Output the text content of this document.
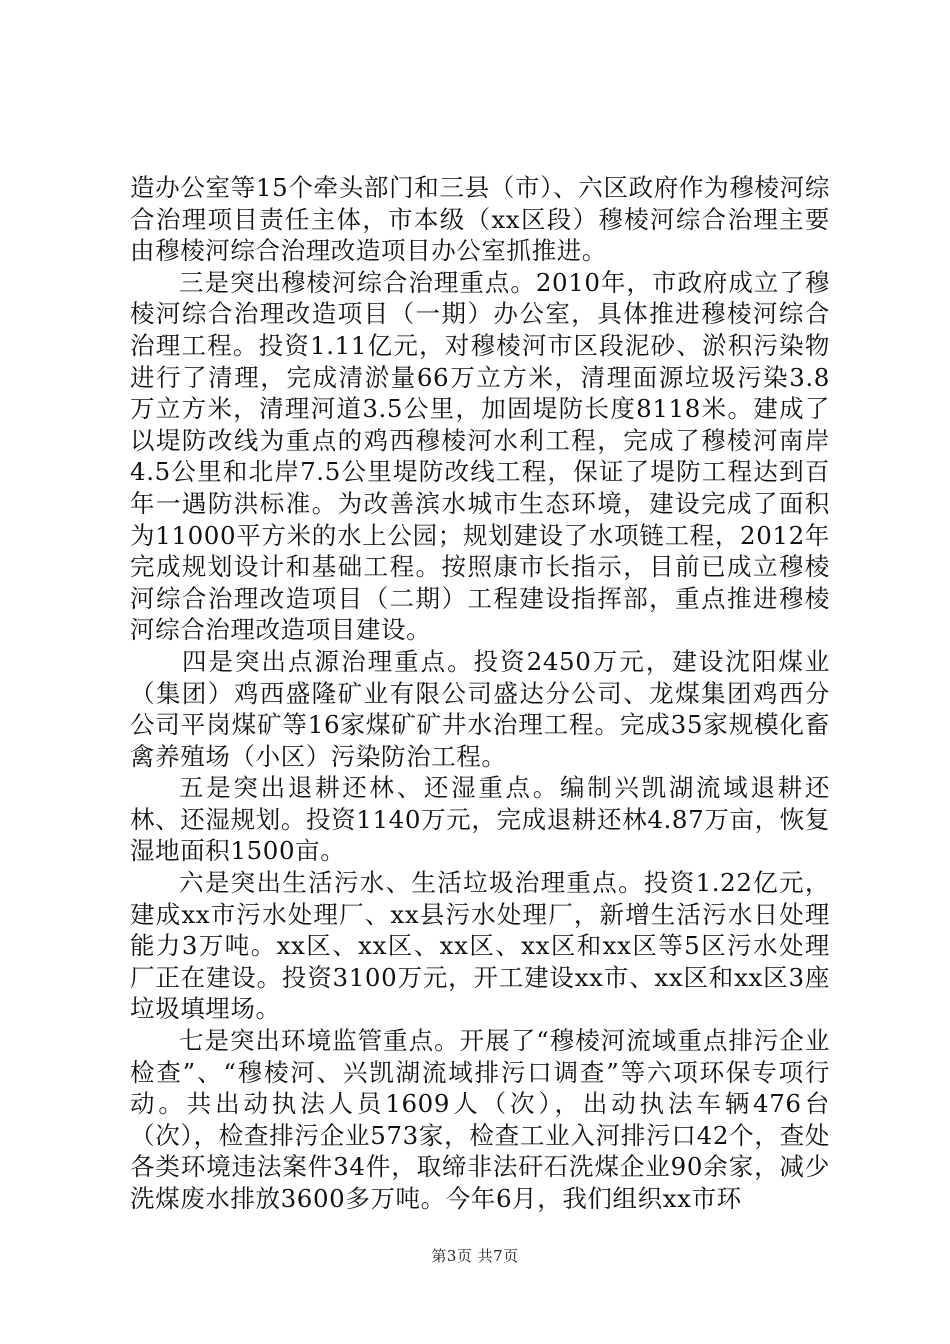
造办公室等15个牵头部门和三县（市）、六区政府作为穆棱河综合治理项目责任主体，市本级（xx区段）穆棱河综合治理主要由穆棱河综合治理改造项目办公室抓推进。

三是突出穆棱河综合治理重点。2010年，市政府成立了穆棱河综合治理改造项目（一期）办公室，具体推进穆棱河综合治理工程。投资1.11亿元，对穆棱河市区段泥砂、淤积污染物进行了清理，完成清淤量66万立方米，清理面源垃圾污染3.8万立方米，清理河道3.5公里，加固堤防长度8118米。建成了以堤防改线为重点的鸡西穆棱河水利工程，完成了穆棱河南岸4.5公里和北岸7.5公里堤防改线工程，保证了堤防工程达到百年一遇防洪标准。为改善滨水城市生态环境，建设完成了面积为11000平方米的水上公园；规划建设了水项链工程，2012年完成规划设计和基础工程。按照康市长指示，目前已成立穆棱河综合治理改造项目（二期）工程建设指挥部，重点推进穆棱河综合治理改造项目建设。

四是突出点源治理重点。投资2450万元，建设沈阳煤业（集团）鸡西盛隆矿业有限公司盛达分公司、龙煤集团鸡西分公司平岗煤矿等16家煤矿矿井水治理工程。完成35家规模化畜禽养殖场（小区）污染防治工程。

五是突出退耕还林、还湿重点。编制兴凯湖流域退耕还林、还湿规划。投资1140万元，完成退耕还林4.87万亩，恢复湿地面积1500亩。

六是突出生活污水、生活垃圾治理重点。投资1.22亿元，建成xx市污水处理厂、xx县污水处理厂，新增生活污水日处理能力3万吨。xx区、xx区、xx区、xx区和xx区等5区污水处理厂正在建设。投资3100万元，开工建设xx市、xx区和xx区3座垃圾填埋场。

七是突出环境监管重点。开展了“穆棱河流域重点排污企业检查”、“穆棱河、兴凯湖流域排污口调查”等六项环保专项行动。共出动执法人员1609人（次），出动执法车辆476台（次），检查排污企业573家，检查工业入河排污口42个，查处各类环境违法案件34件，取缔非法矸石洗煤企业90余家，减少洗煤废水排放3600多万吨。今年6月，我们组织xx市环

第3页 共7页
